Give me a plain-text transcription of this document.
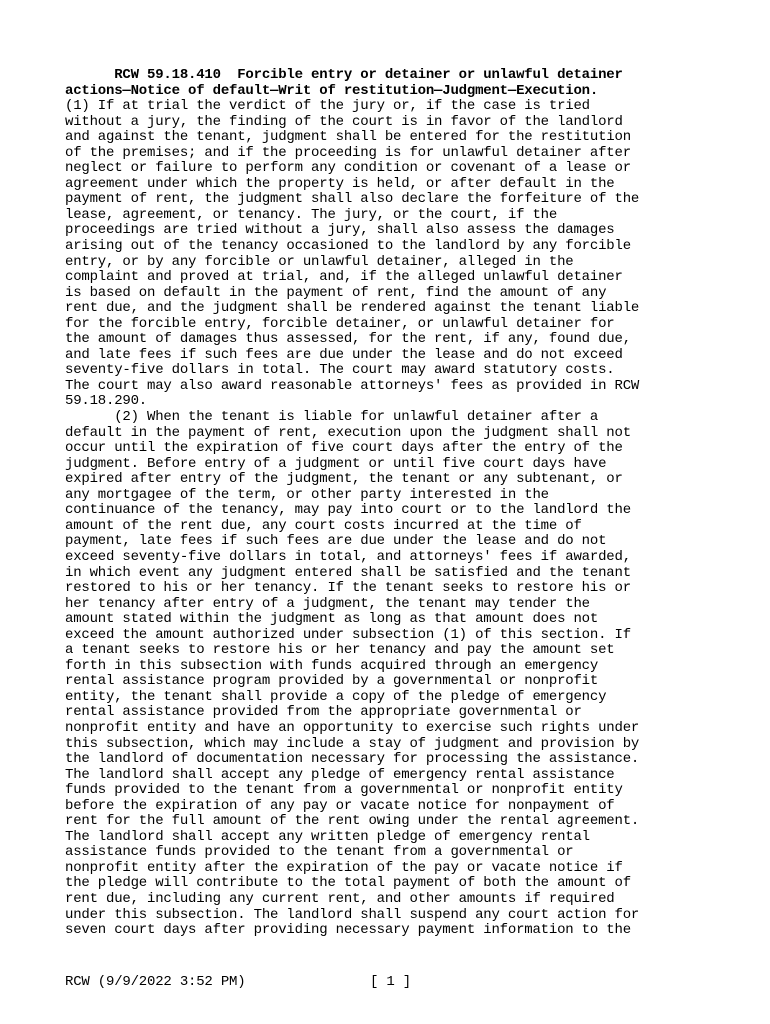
RCW 59.18.410  Forcible entry or detainer or unlawful detainer
actions—Notice of default—Writ of restitution—Judgment—Execution.
(1) If at trial the verdict of the jury or, if the case is tried
without a jury, the finding of the court is in favor of the landlord
and against the tenant, judgment shall be entered for the restitution
of the premises; and if the proceeding is for unlawful detainer after
neglect or failure to perform any condition or covenant of a lease or
agreement under which the property is held, or after default in the
payment of rent, the judgment shall also declare the forfeiture of the
lease, agreement, or tenancy. The jury, or the court, if the
proceedings are tried without a jury, shall also assess the damages
arising out of the tenancy occasioned to the landlord by any forcible
entry, or by any forcible or unlawful detainer, alleged in the
complaint and proved at trial, and, if the alleged unlawful detainer
is based on default in the payment of rent, find the amount of any
rent due, and the judgment shall be rendered against the tenant liable
for the forcible entry, forcible detainer, or unlawful detainer for
the amount of damages thus assessed, for the rent, if any, found due,
and late fees if such fees are due under the lease and do not exceed
seventy-five dollars in total. The court may award statutory costs.
The court may also award reasonable attorneys' fees as provided in RCW
59.18.290.
(2) When the tenant is liable for unlawful detainer after a
default in the payment of rent, execution upon the judgment shall not
occur until the expiration of five court days after the entry of the
judgment. Before entry of a judgment or until five court days have
expired after entry of the judgment, the tenant or any subtenant, or
any mortgagee of the term, or other party interested in the
continuance of the tenancy, may pay into court or to the landlord the
amount of the rent due, any court costs incurred at the time of
payment, late fees if such fees are due under the lease and do not
exceed seventy-five dollars in total, and attorneys' fees if awarded,
in which event any judgment entered shall be satisfied and the tenant
restored to his or her tenancy. If the tenant seeks to restore his or
her tenancy after entry of a judgment, the tenant may tender the
amount stated within the judgment as long as that amount does not
exceed the amount authorized under subsection (1) of this section. If
a tenant seeks to restore his or her tenancy and pay the amount set
forth in this subsection with funds acquired through an emergency
rental assistance program provided by a governmental or nonprofit
entity, the tenant shall provide a copy of the pledge of emergency
rental assistance provided from the appropriate governmental or
nonprofit entity and have an opportunity to exercise such rights under
this subsection, which may include a stay of judgment and provision by
the landlord of documentation necessary for processing the assistance.
The landlord shall accept any pledge of emergency rental assistance
funds provided to the tenant from a governmental or nonprofit entity
before the expiration of any pay or vacate notice for nonpayment of
rent for the full amount of the rent owing under the rental agreement.
The landlord shall accept any written pledge of emergency rental
assistance funds provided to the tenant from a governmental or
nonprofit entity after the expiration of the pay or vacate notice if
the pledge will contribute to the total payment of both the amount of
rent due, including any current rent, and other amounts if required
under this subsection. The landlord shall suspend any court action for
seven court days after providing necessary payment information to the
RCW (9/9/2022 3:52 PM)	[ 1 ]
